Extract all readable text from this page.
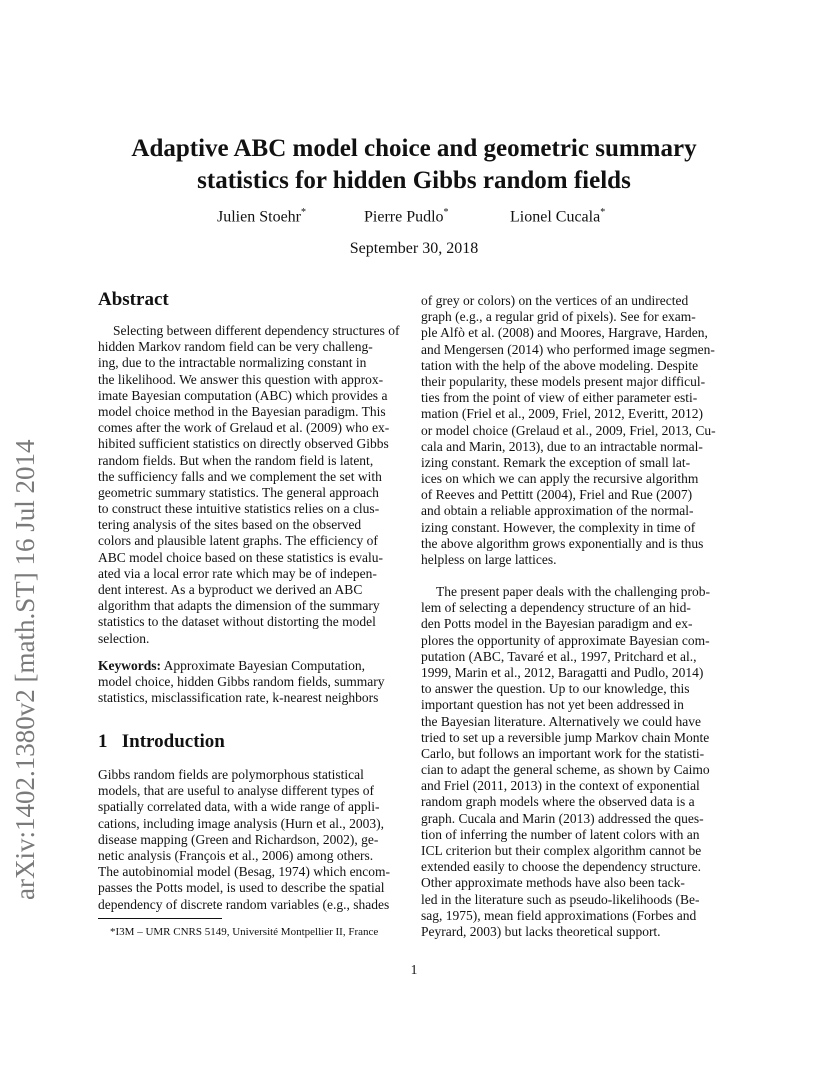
arXiv:1402.1380v2 [math.ST] 16 Jul 2014
Adaptive ABC model choice and geometric summary
statistics for hidden Gibbs random fields
Julien Stoehr*	Pierre Pudlo*	Lionel Cucala*
September 30, 2018
Abstract
Selecting between different dependency structures of
hidden Markov random field can be very challeng-
ing, due to the intractable normalizing constant in
the likelihood. We answer this question with approx-
imate Bayesian computation (ABC) which provides a
model choice method in the Bayesian paradigm. This
comes after the work of Grelaud et al. (2009) who ex-
hibited sufficient statistics on directly observed Gibbs
random fields. But when the random field is latent,
the sufficiency falls and we complement the set with
geometric summary statistics. The general approach
to construct these intuitive statistics relies on a clus-
tering analysis of the sites based on the observed
colors and plausible latent graphs. The efficiency of
ABC model choice based on these statistics is evalu-
ated via a local error rate which may be of indepen-
dent interest. As a byproduct we derived an ABC
algorithm that adapts the dimension of the summary
statistics to the dataset without distorting the model
selection.
Keywords: Approximate Bayesian Computation,
model choice, hidden Gibbs random fields, summary
statistics, misclassification rate, k-nearest neighbors
1 Introduction
Gibbs random fields are polymorphous statistical
models, that are useful to analyse different types of
spatially correlated data, with a wide range of appli-
cations, including image analysis (Hurn et al., 2003),
disease mapping (Green and Richardson, 2002), ge-
netic analysis (François et al., 2006) among others.
The autobinomial model (Besag, 1974) which encom-
passes the Potts model, is used to describe the spatial
dependency of discrete random variables (e.g., shades
*I3M – UMR CNRS 5149, Université Montpellier II, France
of grey or colors) on the vertices of an undirected
graph (e.g., a regular grid of pixels). See for exam-
ple Alfò et al. (2008) and Moores, Hargrave, Harden,
and Mengersen (2014) who performed image segmen-
tation with the help of the above modeling. Despite
their popularity, these models present major difficul-
ties from the point of view of either parameter esti-
mation (Friel et al., 2009, Friel, 2012, Everitt, 2012)
or model choice (Grelaud et al., 2009, Friel, 2013, Cu-
cala and Marin, 2013), due to an intractable normal-
izing constant. Remark the exception of small lat-
ices on which we can apply the recursive algorithm
of Reeves and Pettitt (2004), Friel and Rue (2007)
and obtain a reliable approximation of the normal-
izing constant. However, the complexity in time of
the above algorithm grows exponentially and is thus
helpless on large lattices.
The present paper deals with the challenging prob-
lem of selecting a dependency structure of an hid-
den Potts model in the Bayesian paradigm and ex-
plores the opportunity of approximate Bayesian com-
putation (ABC, Tavaré et al., 1997, Pritchard et al.,
1999, Marin et al., 2012, Baragatti and Pudlo, 2014)
to answer the question. Up to our knowledge, this
important question has not yet been addressed in
the Bayesian literature. Alternatively we could have
tried to set up a reversible jump Markov chain Monte
Carlo, but follows an important work for the statisti-
cian to adapt the general scheme, as shown by Caimo
and Friel (2011, 2013) in the context of exponential
random graph models where the observed data is a
graph. Cucala and Marin (2013) addressed the ques-
tion of inferring the number of latent colors with an
ICL criterion but their complex algorithm cannot be
extended easily to choose the dependency structure.
Other approximate methods have also been tack-
led in the literature such as pseudo-likelihoods (Be-
sag, 1975), mean field approximations (Forbes and
Peyrard, 2003) but lacks theoretical support.
1
